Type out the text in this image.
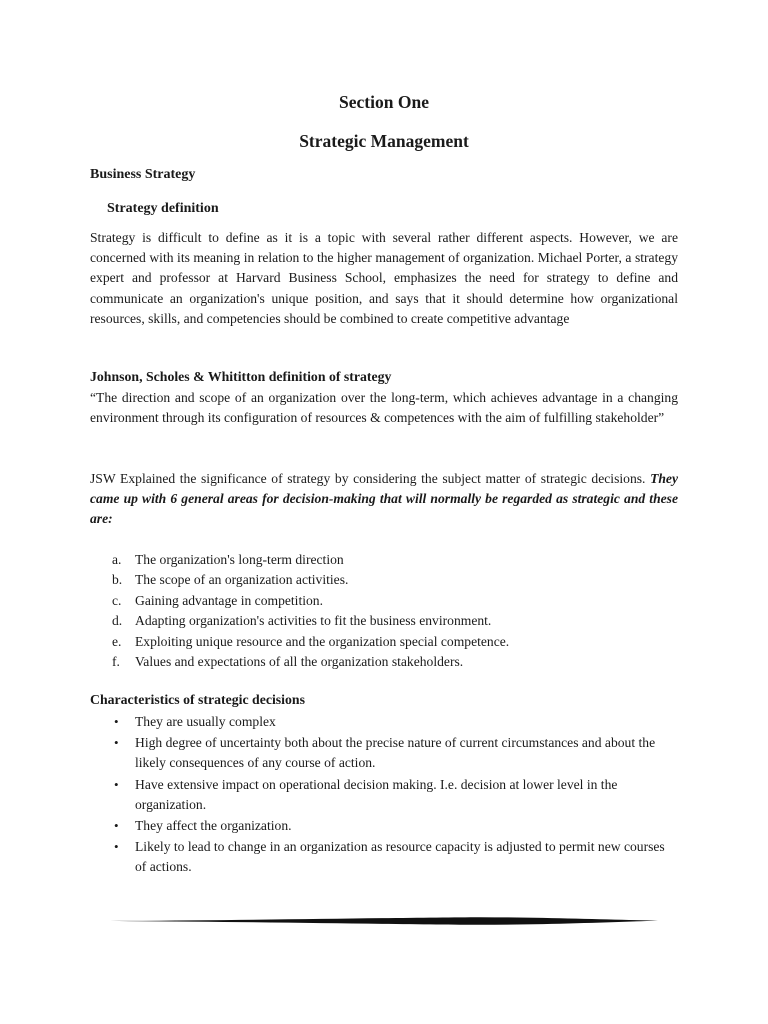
Section One
Strategic Management
Business Strategy
Strategy definition
Strategy is difficult to define as it is a topic with several rather different aspects. However, we are concerned with its meaning in relation to the higher management of organization. Michael Porter, a strategy expert and professor at Harvard Business School, emphasizes the need for strategy to define and communicate an organization's unique position, and says that it should determine how organizational resources, skills, and competencies should be combined to create competitive advantage
Johnson, Scholes & Whititton definition of strategy
“The direction and scope of an organization over the long-term, which achieves advantage in a changing environment through its configuration of resources & competences with the aim of fulfilling stakeholder”
JSW Explained the significance of strategy by considering the subject matter of strategic decisions. They came up with 6 general areas for decision-making that will normally be regarded as strategic and these are:
a. The organization's long-term direction
b. The scope of an organization activities.
c. Gaining advantage in competition.
d. Adapting organization's activities to fit the business environment.
e. Exploiting unique resource and the organization special competence.
f. Values and expectations of all the organization stakeholders.
Characteristics of strategic decisions
• They are usually complex
• High degree of uncertainty both about the precise nature of current circumstances and about the likely consequences of any course of action.
• Have extensive impact on operational decision making. I.e. decision at lower level in the organization.
• They affect the organization.
• Likely to lead to change in an organization as resource capacity is adjusted to permit new courses of actions.
